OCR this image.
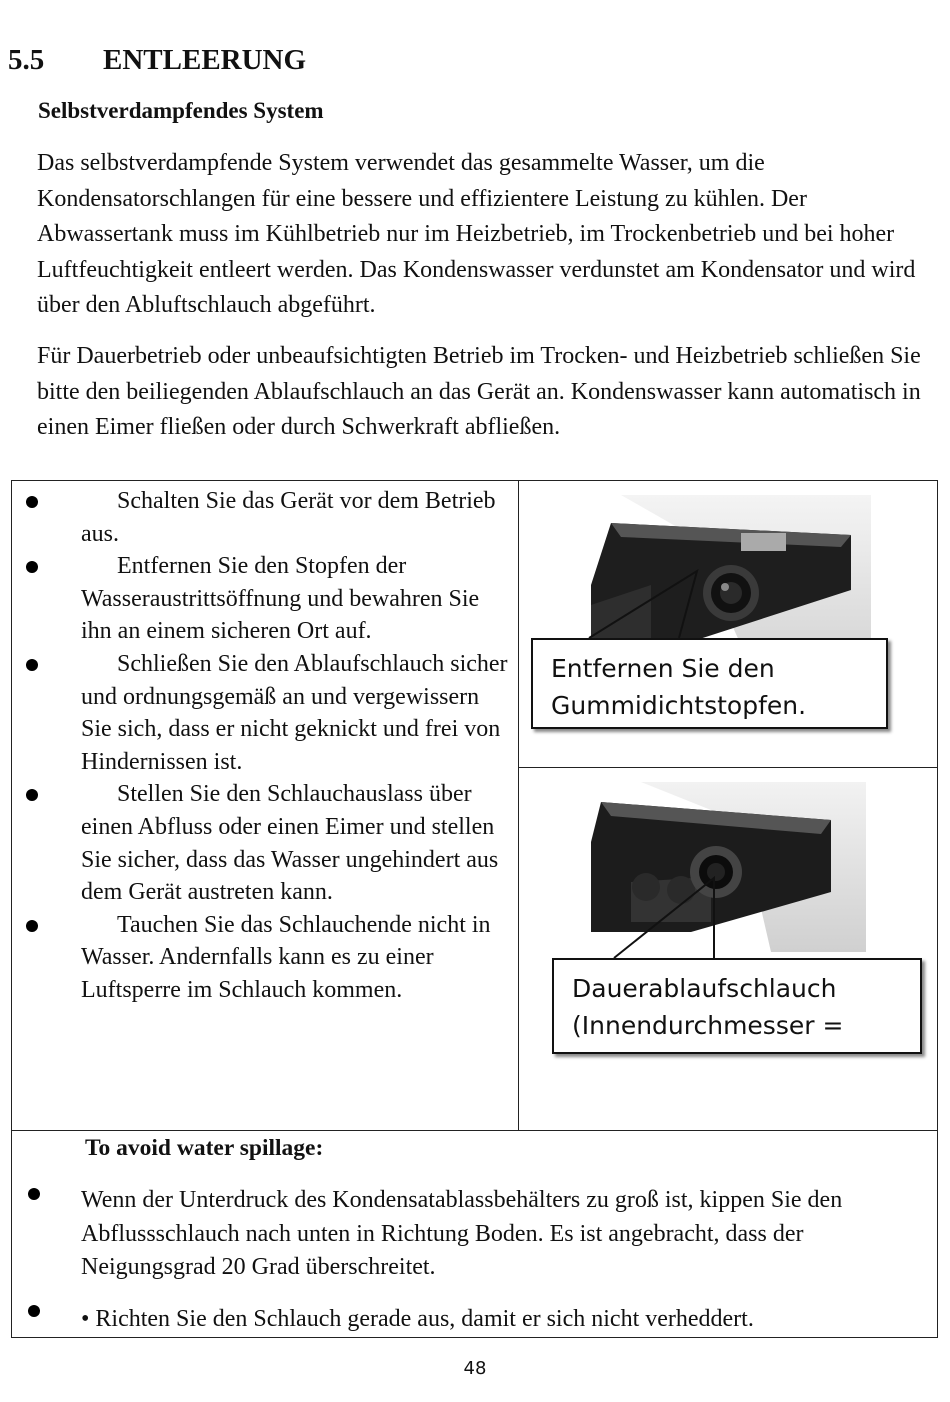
5.5 ENTLEERUNG
Selbstverdampfendes System

Das selbstverdampfende System verwendet das gesammelte Wasser, um die Kondensatorschlangen für eine bessere und effizientere Leistung zu kühlen. Der Abwassertank muss im Kühlbetrieb nur im Heizbetrieb, im Trockenbetrieb und bei hoher Luftfeuchtigkeit entleert werden. Das Kondenswasser verdunstet am Kondensator und wird über den Abluftschlauch abgeführt.

Für Dauerbetrieb oder unbeaufsichtigten Betrieb im Trocken- und Heizbetrieb schließen Sie bitte den beiliegenden Ablaufschlauch an das Gerät an. Kondenswasser kann automatisch in einen Eimer fließen oder durch Schwerkraft abfließen.

Schalten Sie das Gerät vor dem Betrieb aus.
Entfernen Sie den Stopfen der Wasseraustrittsöffnung und bewahren Sie ihn an einem sicheren Ort auf.
Schließen Sie den Ablaufschlauch sicher und ordnungsgemäß an und vergewissern Sie sich, dass er nicht geknickt und frei von Hindernissen ist.
Stellen Sie den Schlauchauslass über einen Abfluss oder einen Eimer und stellen Sie sicher, dass das Wasser ungehindert aus dem Gerät austreten kann.
Tauchen Sie das Schlauchende nicht in Wasser. Andernfalls kann es zu einer Luftsperre im Schlauch kommen.

Entfernen Sie den
Gummidichtstopfen.

Dauerablaufschlauch
(Innendurchmesser =

To avoid water spillage:
Wenn der Unterdruck des Kondensatablassbehälters zu groß ist, kippen Sie den Abflussschlauch nach unten in Richtung Boden. Es ist angebracht, dass der Neigungsgrad 20 Grad überschreitet.
• Richten Sie den Schlauch gerade aus, damit er sich nicht verheddert.
48
